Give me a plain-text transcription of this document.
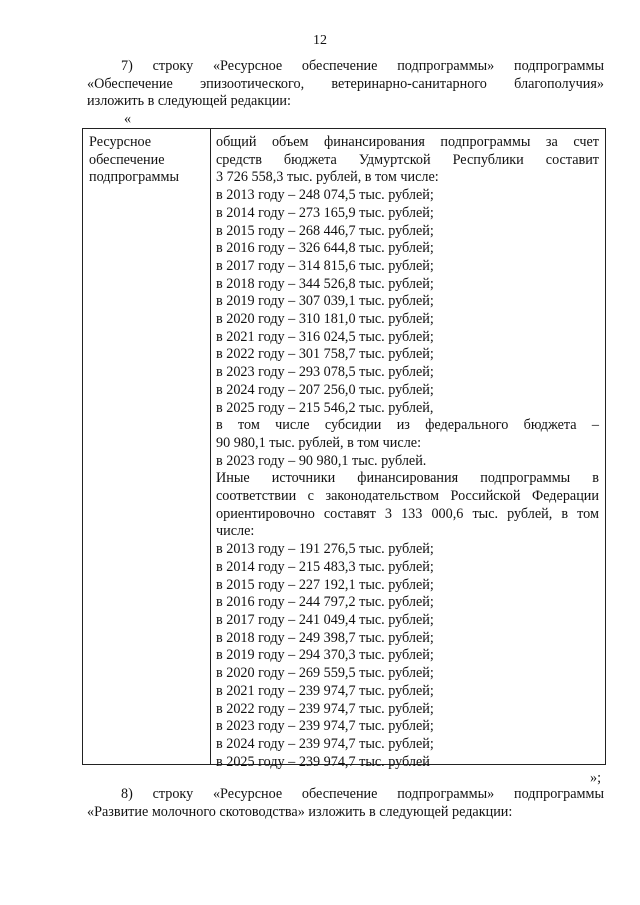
12
7) строку «Ресурсное обеспечение подпрограммы» подпрограммы
«Обеспечение эпизоотического, ветеринарно-санитарного благополучия»
изложить в следующей редакции:
«
Ресурсное
обеспечение
подпрограммы
общий объем финансирования подпрограммы за счет
средств бюджета Удмуртской Республики составит
3 726 558,3 тыс. рублей, в том числе:
в 2013 году – 248 074,5 тыс. рублей;
в 2014 году – 273 165,9 тыс. рублей;
в 2015 году – 268 446,7 тыс. рублей;
в 2016 году – 326 644,8 тыс. рублей;
в 2017 году – 314 815,6 тыс. рублей;
в 2018 году – 344 526,8 тыс. рублей;
в 2019 году – 307 039,1 тыс. рублей;
в 2020 году – 310 181,0 тыс. рублей;
в 2021 году – 316 024,5 тыс. рублей;
в 2022 году – 301 758,7 тыс. рублей;
в 2023 году – 293 078,5 тыс. рублей;
в 2024 году – 207 256,0 тыс. рублей;
в 2025 году – 215 546,2 тыс. рублей,
в том числе субсидии из федерального бюджета –
90 980,1 тыс. рублей, в том числе:
в 2023 году – 90 980,1 тыс. рублей.
Иные источники финансирования подпрограммы в
соответствии с законодательством Российской Федерации
ориентировочно составят 3 133 000,6 тыс. рублей, в том
числе:
в 2013 году – 191 276,5 тыс. рублей;
в 2014 году – 215 483,3 тыс. рублей;
в 2015 году – 227 192,1 тыс. рублей;
в 2016 году – 244 797,2 тыс. рублей;
в 2017 году – 241 049,4 тыс. рублей;
в 2018 году – 249 398,7 тыс. рублей;
в 2019 году – 294 370,3 тыс. рублей;
в 2020 году – 269 559,5 тыс. рублей;
в 2021 году – 239 974,7 тыс. рублей;
в 2022 году – 239 974,7 тыс. рублей;
в 2023 году – 239 974,7 тыс. рублей;
в 2024 году – 239 974,7 тыс. рублей;
в 2025 году – 239 974,7 тыс. рублей
»;
8) строку «Ресурсное обеспечение подпрограммы» подпрограммы
«Развитие молочного скотоводства» изложить в следующей редакции:
